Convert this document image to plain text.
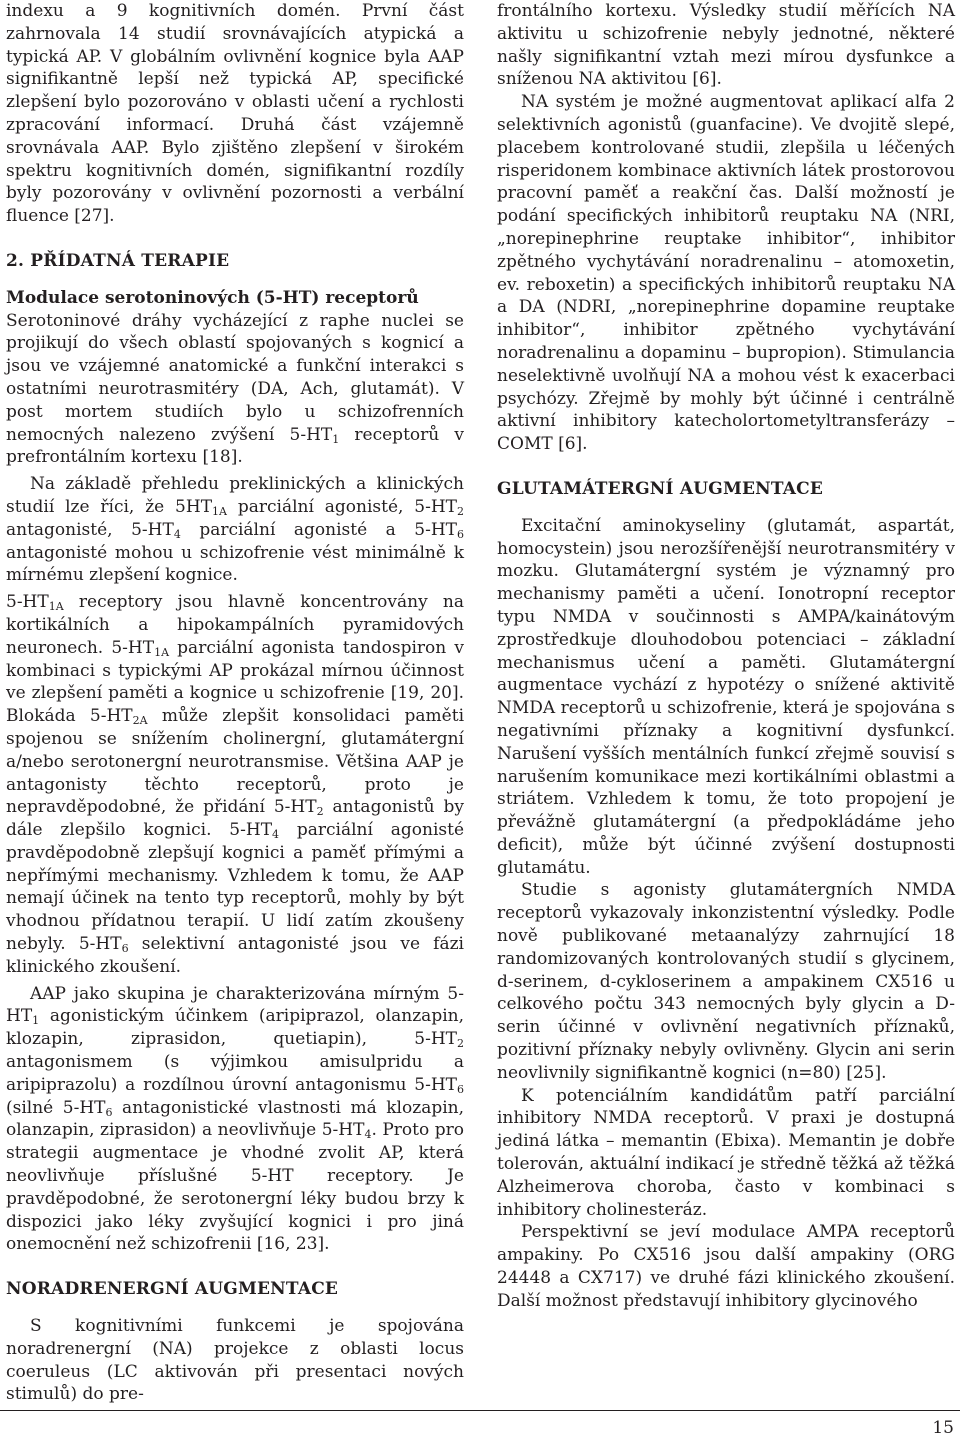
indexu a 9 kognitivních domén. První část zahrnovala 14 studií srovnávajících atypická a typická AP. V globálním ovlivnění kognice byla AAP signifikantně lepší než typická AP, specifické zlepšení bylo pozorováno v oblasti učení a rychlosti zpracování informací. Druhá část vzájemně srovnávala AAP. Bylo zjištěno zlepšení v širokém spektru kognitivních domén, signifikantní rozdíly byly pozorovány v ovlivnění pozornosti a verbální fluence [27].

2. PŘÍDATNÁ TERAPIE
Modulace serotoninových (5-HT) receptorů

Serotoninové dráhy vycházející z raphe nuclei se projikují do všech oblastí spojovaných s kognicí a jsou ve vzájemné anatomické a funkční interakci s ostatními neurotrasmitéry (DA, Ach, glutamát). V post mortem studiích bylo u schizofrenních nemocných nalezeno zvýšení $5-HT_1$ receptorů v prefrontálním kortexu [18].

Na základě přehledu preklinických a klinických studií lze říci, že $5HT_{1A}$ parciální agonisté, $5-HT_2$ antagonisté, $5-HT_4$ parciální agonisté a $5-HT_6$ antagonisté mohou u schizofrenie vést minimálně k mírnému zlepšení kognice.

$5-HT_{1A}$ receptory jsou hlavně koncentrovány na kortikálních a hipokampálních pyramidových neuronech. $5-HT_{1A}$ parciální agonista tandospiron v kombinaci s typickými AP prokázal mírnou účinnost ve zlepšení paměti a kognice u schizofrenie [19, 20]. Blokáda $5-HT_{2A}$ může zlepšit konsolidaci paměti spojenou se snížením cholinergní, glutamátergní a/nebo serotonergní neurotransmise. Většina AAP je antagonisty těchto receptorů, proto je nepravděpodobné, že přidání $5-HT_2$ antagonistů by dále zlepšilo kognici. $5-HT_4$ parciální agonisté pravděpodobně zlepšují kognici a paměť přímými a nepřímými mechanismy. Vzhledem k tomu, že AAP nemají účinek na tento typ receptorů, mohly by být vhodnou přídatnou terapií. U lidí zatím zkoušeny nebyly. $5-HT_6$ selektivní antagonisté jsou ve fázi klinického zkoušení.

AAP jako skupina je charakterizována mírným $5-HT_1$ agonistickým účinkem (aripiprazol, olanzapin, klozapin, ziprasidon, quetiapin), $5-HT_2$ antagonismem (s výjimkou amisulpridu a aripiprazolu) a rozdílnou úrovní antagonismu $5-HT_6$ (silné $5-HT_6$ antagonistické vlastnosti má klozapin, olanzapin, ziprasidon) a neovlivňuje $5-HT_4$. Proto pro strategii augmentace je vhodné zvolit AP, která neovlivňuje příslušné 5-HT receptory. Je pravděpodobné, že serotonergní léky budou brzy k dispozici jako léky zvyšující kognici i pro jiná onemocnění než schizofrenii [16, 23].

NORADRENERGNÍ AUGMENTACE

S kognitivními funkcemi je spojována noradrenergní (NA) projekce z oblasti locus coeruleus (LC aktivován při presentaci nových stimulů) do pre-

frontálního kortexu. Výsledky studií měřících NA aktivitu u schizofrenie nebyly jednotné, některé našly signifikantní vztah mezi mírou dysfunkce a sníženou NA aktivitou [6].

NA systém je možné augmentovat aplikací alfa 2 selektivních agonistů (guanfacine). Ve dvojitě slepé, placebem kontrolované studii, zlepšila u léčených risperidonem kombinace aktivních látek prostorovou pracovní paměť a reakční čas. Další možností je podání specifických inhibitorů reuptaku NA (NRI, „norepinephrine reuptake inhibitor“, inhibitor zpětného vychytávání noradrenalinu – atomoxetin, ev. reboxetin) a specifických inhibitorů reuptaku NA a DA (NDRI, „norepinephrine dopamine reuptake inhibitor“, inhibitor zpětného vychytávání noradrenalinu a dopaminu – bupropion). Stimulancia neselektivně uvolňují NA a mohou vést k exacerbaci psychózy. Zřejmě by mohly být účinné i centrálně aktivní inhibitory katecholortometyltransferázy – COMT [6].

GLUTAMÁTERGNÍ AUGMENTACE

Excitační aminokyseliny (glutamát, aspartát, homocystein) jsou nerozšířenější neurotransmitéry v mozku. Glutamátergní systém je významný pro mechanismy paměti a učení. Ionotropní receptor typu NMDA v součinnosti s AMPA/kainátovým zprostředkuje dlouhodobou potenciaci – základní mechanismus učení a paměti. Glutamátergní augmentace vychází z hypotézy o snížené aktivitě NMDA receptorů u schizofrenie, která je spojována s negativními příznaky a kognitivní dysfunkcí. Narušení vyšších mentálních funkcí zřejmě souvisí s narušením komunikace mezi kortikálními oblastmi a striátem. Vzhledem k tomu, že toto propojení je převážně glutamátergní (a předpokládáme jeho deficit), může být účinné zvýšení dostupnosti glutamátu.

Studie s agonisty glutamátergních NMDA receptorů vykazovaly inkonzistentní výsledky. Podle nově publikované metaanalýzy zahrnující 18 randomizovaných kontrolovaných studií s glycinem, d-serinem, d-cykloserinem a ampakinem CX516 u celkového počtu 343 nemocných byly glycin a D-serin účinné v ovlivnění negativních příznaků, pozitivní příznaky nebyly ovlivněny. Glycin ani serin neovlivnily signifikantně kognici (n=80) [25].

K potenciálním kandidátům patří parciální inhibitory NMDA receptorů. V praxi je dostupná jediná látka – memantin (Ebixa). Memantin je dobře tolerován, aktuální indikací je středně těžká až těžká Alzheimerova choroba, často v kombinaci s inhibitory cholinesteráz.

Perspektivní se jeví modulace AMPA receptorů ampakiny. Po CX516 jsou další ampakiny (ORG 24448 a CX717) ve druhé fázi klinického zkoušení. Další možnost představují inhibitory glycinového

15
